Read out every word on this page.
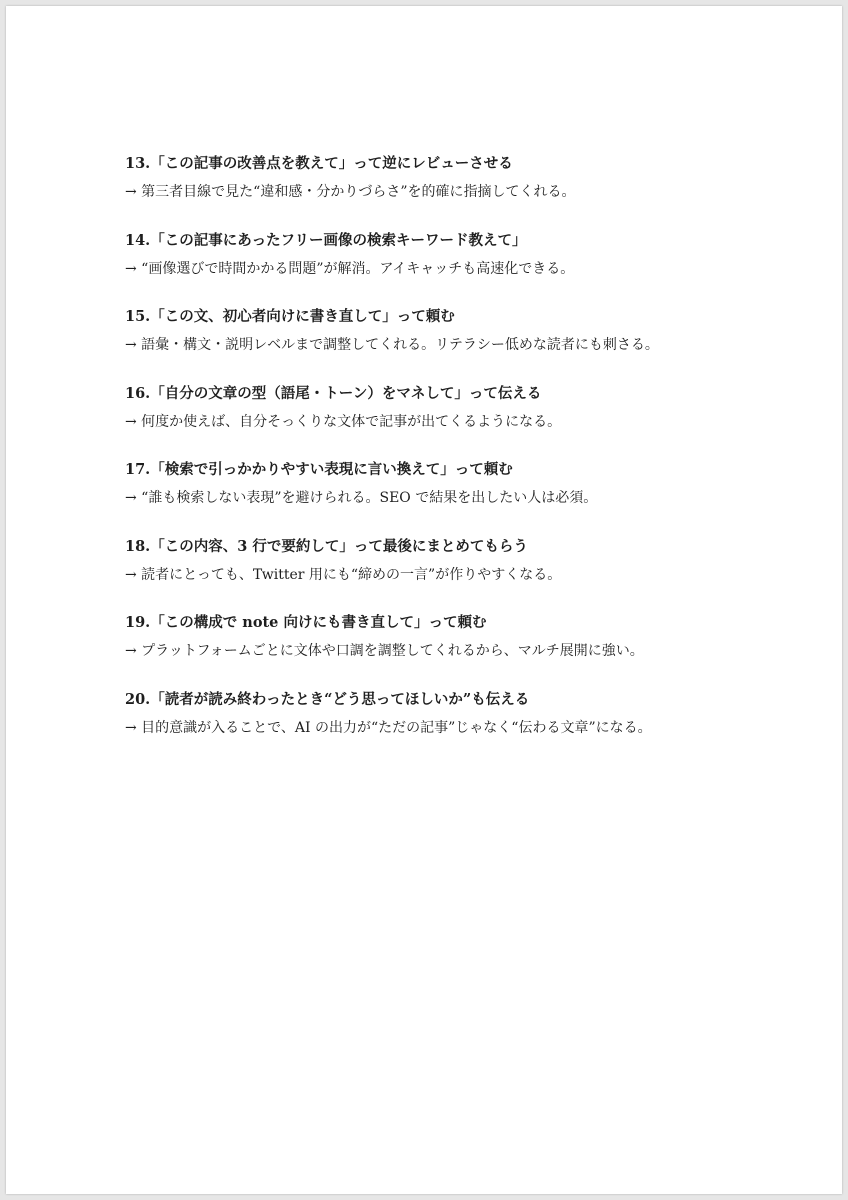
13.「この記事の改善点を教えて」って逆にレビューさせる
→ 第三者目線で見た“違和感・分かりづらさ”を的確に指摘してくれる。
14.「この記事にあったフリー画像の検索キーワード教えて」
→ “画像選びで時間かかる問題”が解消。アイキャッチも高速化できる。
15.「この文、初心者向けに書き直して」って頼む
→ 語彙・構文・説明レベルまで調整してくれる。リテラシー低めな読者にも刺さる。
16.「自分の文章の型（語尾・トーン）をマネして」って伝える
→ 何度か使えば、自分そっくりな文体で記事が出てくるようになる。
17.「検索で引っかかりやすい表現に言い換えて」って頼む
→ “誰も検索しない表現”を避けられる。SEO で結果を出したい人は必須。
18.「この内容、3 行で要約して」って最後にまとめてもらう
→ 読者にとっても、Twitter 用にも“締めの一言”が作りやすくなる。
19.「この構成で note 向けにも書き直して」って頼む
→ プラットフォームごとに文体や口調を調整してくれるから、マルチ展開に強い。
20.「読者が読み終わったとき“どう思ってほしいか”も伝える
→ 目的意識が入ることで、AI の出力が“ただの記事”じゃなく“伝わる文章”になる。
